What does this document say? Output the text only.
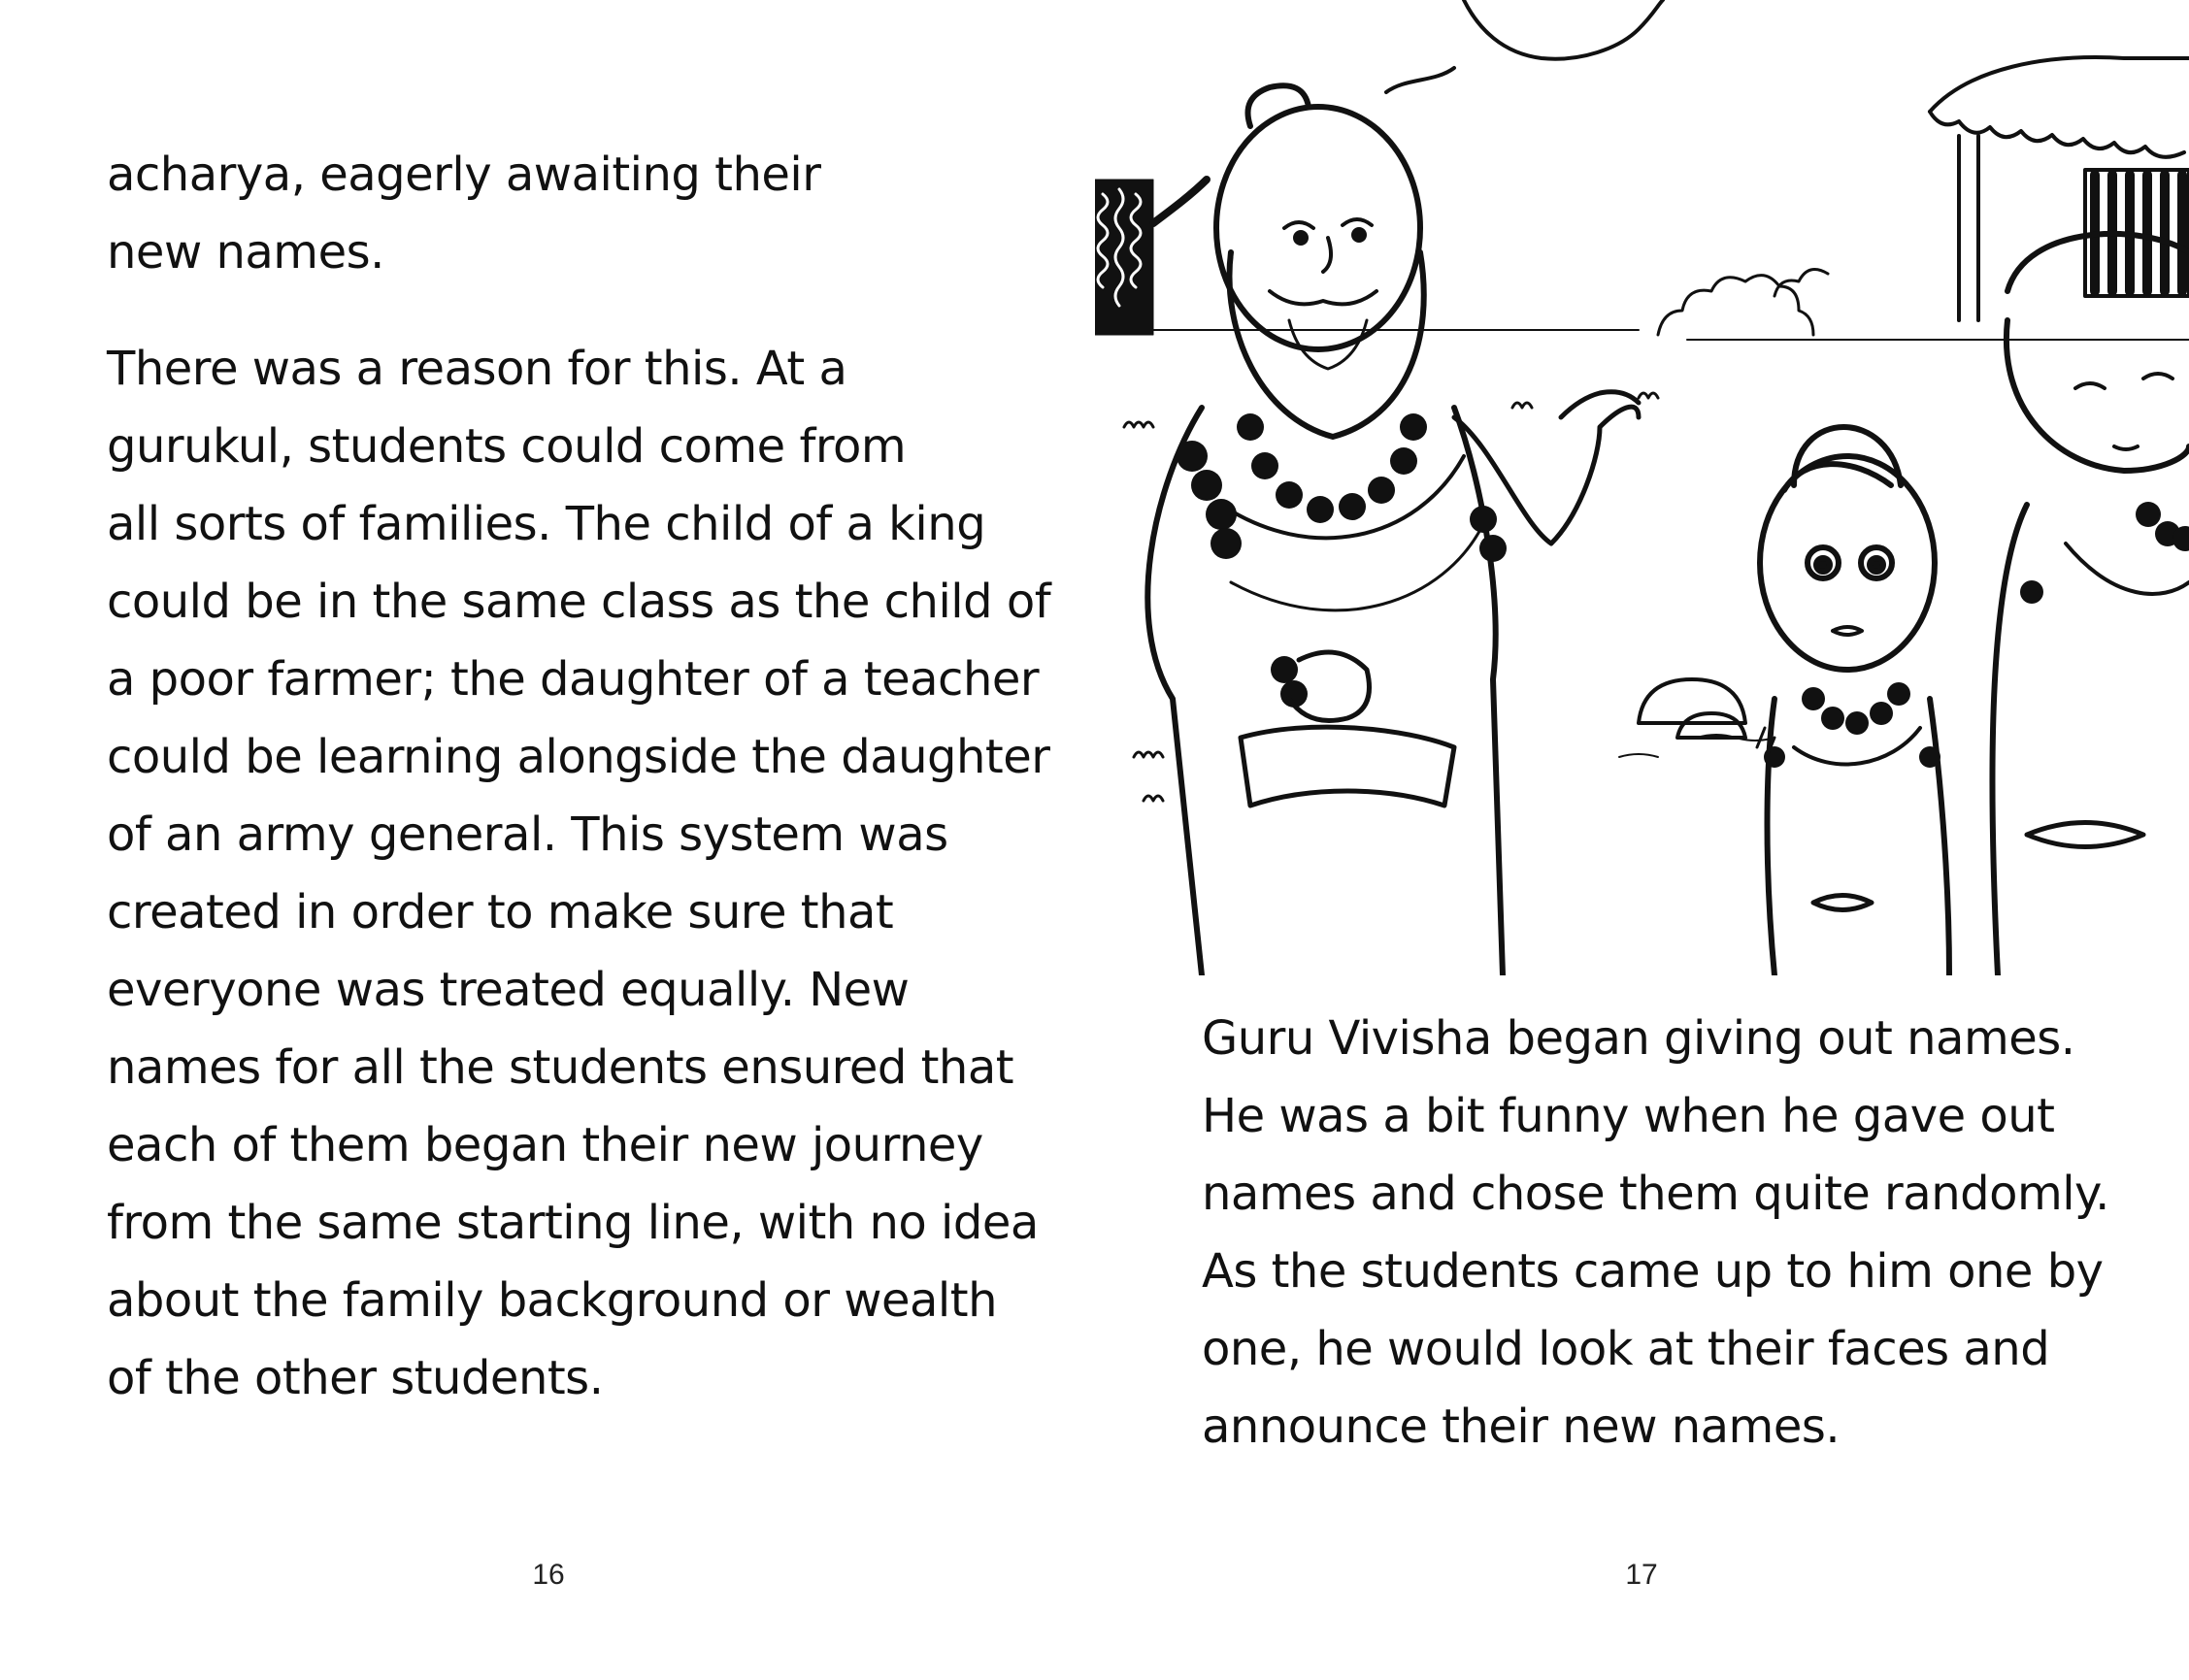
acharya, eagerly awaiting their
new names.
There was a reason for this. At a
gurukul, students could come from
all sorts of families. The child of a king
could be in the same class as the child of
a poor farmer; the daughter of a teacher
could be learning alongside the daughter
of an army general. This system was
created in order to make sure that
everyone was treated equally. New
names for all the students ensured that
each of them began their new journey
from the same starting line, with no idea
about the family background or wealth
of the other students.
16
Guru Vivisha began giving out names.
He was a bit funny when he gave out
names and chose them quite randomly.
As the students came up to him one by
one, he would look at their faces and
announce their new names.
17
